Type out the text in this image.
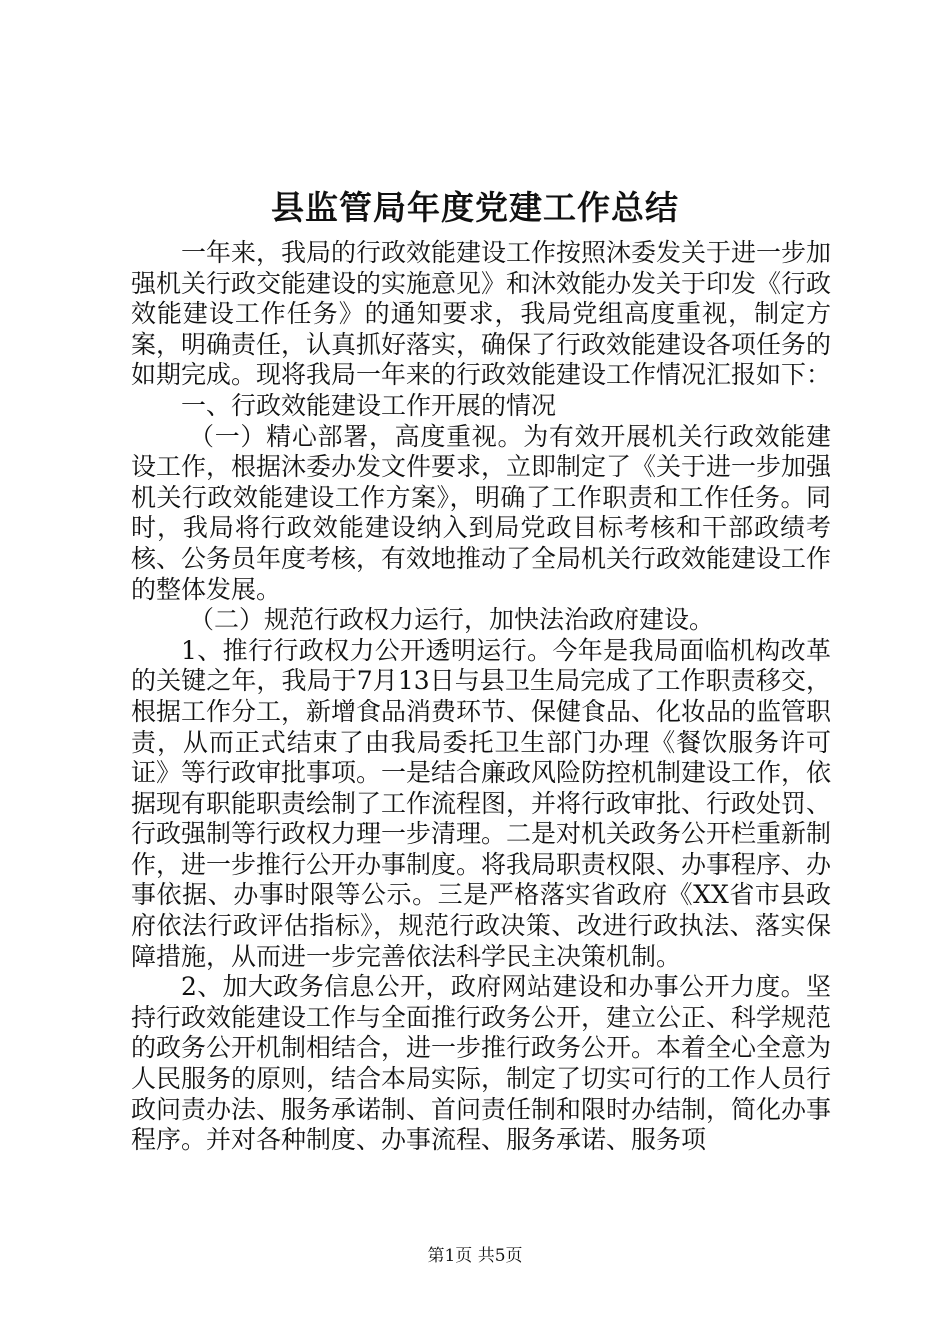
县监管局年度党建工作总结

一年来，我局的行政效能建设工作按照沐委发关于进一步加强机关行政交能建设的实施意见》和沐效能办发关于印发《行政效能建设工作任务》的通知要求，我局党组高度重视，制定方案，明确责任，认真抓好落实，确保了行政效能建设各项任务的如期完成。现将我局一年来的行政效能建设工作情况汇报如下：

一、行政效能建设工作开展的情况

（一）精心部署，高度重视。为有效开展机关行政效能建设工作，根据沐委办发文件要求，立即制定了《关于进一步加强机关行政效能建设工作方案》，明确了工作职责和工作任务。同时，我局将行政效能建设纳入到局党政目标考核和干部政绩考核、公务员年度考核，有效地推动了全局机关行政效能建设工作的整体发展。

（二）规范行政权力运行，加快法治政府建设。

1、推行行政权力公开透明运行。今年是我局面临机构改革的关键之年，我局于7月13日与县卫生局完成了工作职责移交，根据工作分工，新增食品消费环节、保健食品、化妆品的监管职责，从而正式结束了由我局委托卫生部门办理《餐饮服务许可证》等行政审批事项。一是结合廉政风险防控机制建设工作，依据现有职能职责绘制了工作流程图，并将行政审批、行政处罚、行政强制等行政权力理一步清理。二是对机关政务公开栏重新制作，进一步推行公开办事制度。将我局职责权限、办事程序、办事依据、办事时限等公示。三是严格落实省政府《XX省市县政府依法行政评估指标》，规范行政决策、改进行政执法、落实保障措施，从而进一步完善依法科学民主决策机制。

2、加大政务信息公开，政府网站建设和办事公开力度。坚持行政效能建设工作与全面推行政务公开，建立公正、科学规范的政务公开机制相结合，进一步推行政务公开。本着全心全意为人民服务的原则，结合本局实际，制定了切实可行的工作人员行政问责办法、服务承诺制、首问责任制和限时办结制，简化办事程序。并对各种制度、办事流程、服务承诺、服务项

第1页 共5页
